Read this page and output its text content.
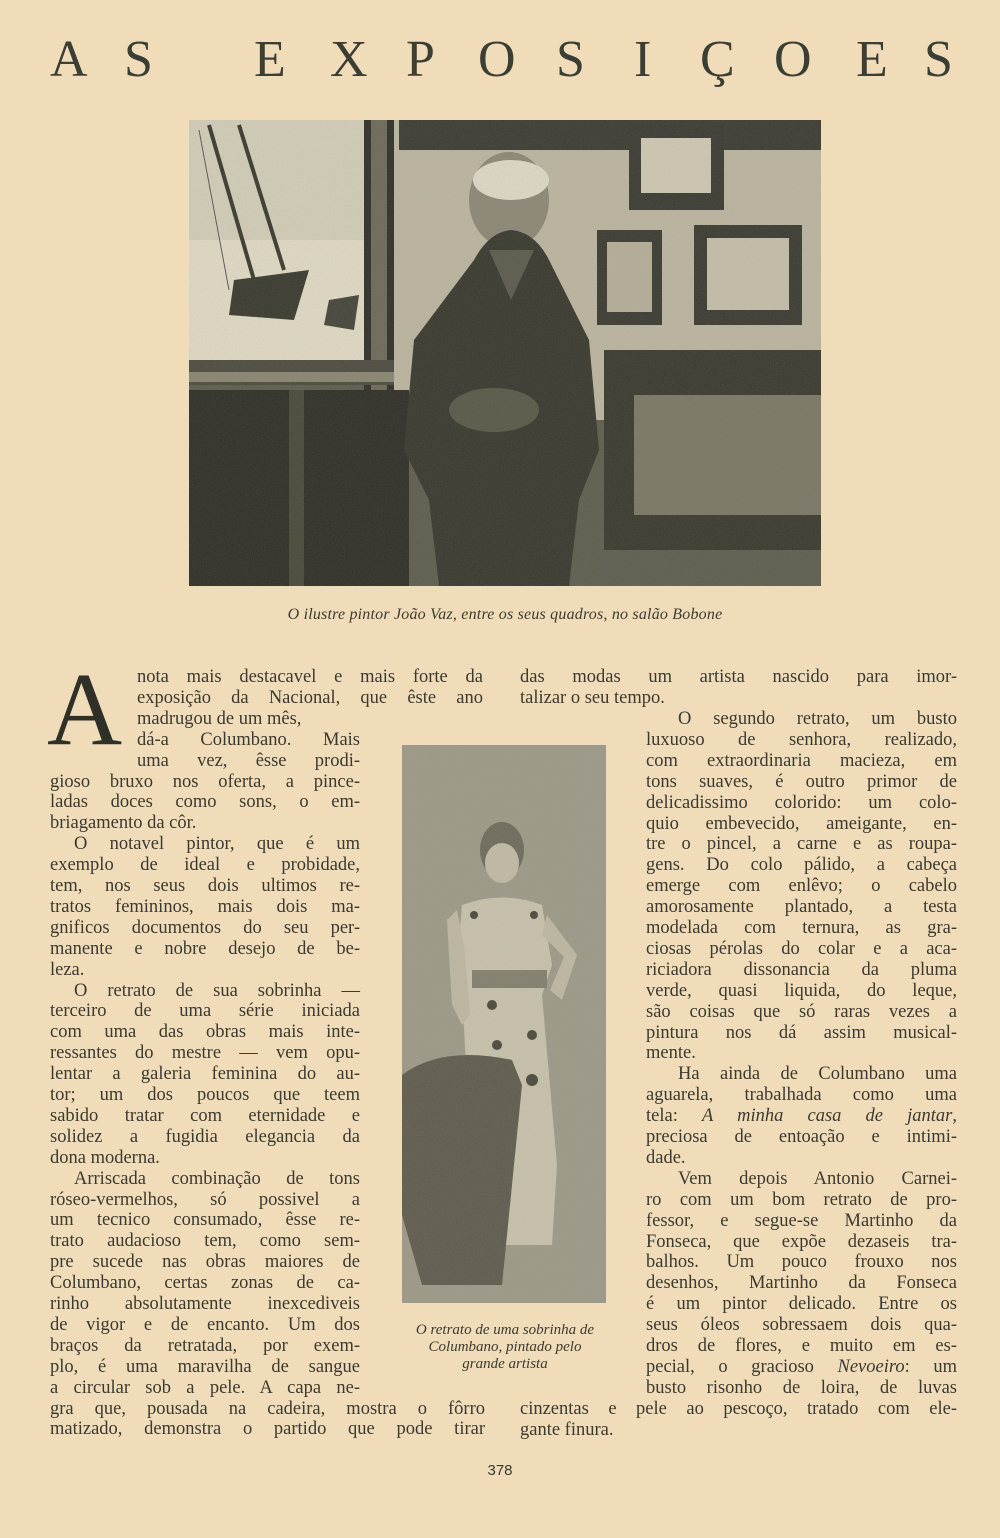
A S E X P O S I Ç O E S
O ilustre pintor João Vaz, entre os seus quadros, no salão Bobone
A nota mais destacavel e mais forte da
exposição da Nacional, que êste ano
madrugou de um mês,
dá-a Columbano. Mais
uma vez, êsse prodi-
gioso bruxo nos oferta, a pince-
ladas doces como sons, o em-
briagamento da côr.
O notavel pintor, que é um
exemplo de ideal e probidade,
tem, nos seus dois ultimos re-
tratos femininos, mais dois ma-
gnificos documentos do seu per-
manente e nobre desejo de be-
leza.
O retrato de sua sobrinha —
terceiro de uma série iniciada
com uma das obras mais inte-
ressantes do mestre — vem opu-
lentar a galeria feminina do au-
tor; um dos poucos que teem
sabido tratar com eternidade e
solidez a fugidia elegancia da
dona moderna.
Arriscada combinação de tons
róseo-vermelhos, só possivel a
um tecnico consumado, êsse re-
trato audacioso tem, como sem-
pre sucede nas obras maiores de
Columbano, certas zonas de ca-
rinho absolutamente inexcediveis
de vigor e de encanto. Um dos
braços da retratada, por exem-
plo, é uma maravilha de sangue
a circular sob a pele. A capa ne-
gra que, pousada na cadeira, mostra o fôrro
matizado, demonstra o partido que pode tirar
das modas um artista nascido para imor-
talizar o seu tempo.
O segundo retrato, um busto
luxuoso de senhora, realizado,
com extraordinaria macieza, em
tons suaves, é outro primor de
delicadissimo colorido: um colo-
quio embevecido, ameigante, en-
tre o pincel, a carne e as roupa-
gens. Do colo pálido, a cabeça
emerge com enlêvo; o cabelo
amorosamente plantado, a testa
modelada com ternura, as gra-
ciosas pérolas do colar e a aca-
riciadora dissonancia da pluma
verde, quasi liquida, do leque,
são coisas que só raras vezes a
pintura nos dá assim musical-
mente.
Ha ainda de Columbano uma
aguarela, trabalhada como uma
preciosa de entoação e intimi-
dade.
Vem depois Antonio Carnei-
ro com um bom retrato de pro-
fessor, e segue-se Martinho da
Fonseca, que expõe dezaseis tra-
balhos. Um pouco frouxo nos
desenhos, Martinho da Fonseca
é um pintor delicado. Entre os
seus óleos sobressaem dois qua-
dros de flores, e muito em es-
busto risonho de loira, de luvas
cinzentas e pele ao pescoço, tratado com ele-
gante finura.
tela: A minha casa de jantar,
pecial, o gracioso Nevoeiro: um
O retrato de uma sobrinha de
Columbano, pintado pelo
grande artista
378
